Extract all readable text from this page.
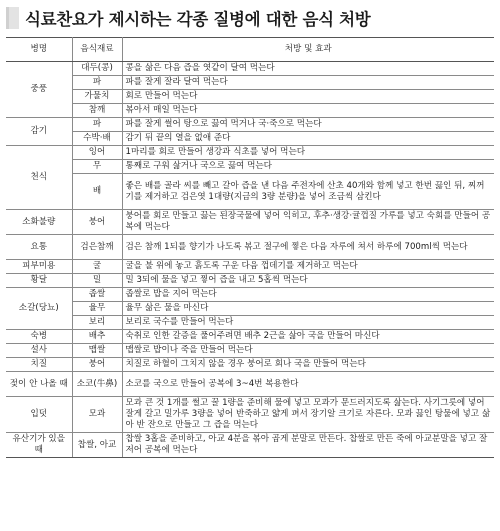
식료찬요가 제시하는 각종 질병에 대한 음식 처방
병명	음식재료	처방 및 효과
중풍	대두(콩)	콩을 삶은 다음 즙을 엿같이 달여 먹는다
	파	파를 잘게 잘라 달여 먹는다
	가물치	회로 만들어 먹는다
	참깨	볶아서 매일 먹는다
감기	파	파를 잘게 썰어 탕으로 끓여 먹거나 국·죽으로 먹는다
	수박·배	감기 뒤 끝의 열을 없애 준다
천식	잉어	1마리를 회로 만들어 생강과 식초를 넣어 먹는다
	무	통째로 구워 삶거나 국으로 끓여 먹는다
	배	좋은 배를 골라 씨를 빼고 갈아 즙을 낸 다음 주전자에 산초 40개와 함께 넣고 한번 끓인 뒤, 찌꺼기를 제거하고 검은엿 1대량(지금의 3량 분량)을 넣어 조금씩 삼킨다
소화불량	붕어	붕어를 회로 만들고 끓는 된장국물에 넣어 익히고, 후추·생강·귤껍질 가루를 넣고 숙회를 만들어 공복에 먹는다
요통	검은참깨	검은 참깨 1되를 향기가 나도록 볶고 절구에 찧은 다음 자루에 쳐서 하루에 700ml씩 먹는다
피부미용	굴	굴을 불 위에 놓고 흙도록 구운 다음 껍데기를 제거하고 먹는다
황달	밀	밀 3되에 물을 넣고 찧어 즙을 내고 5홉씩 먹는다
소갈(당뇨)	좁쌀	좁쌀로 밥을 지어 먹는다
	율무	율무 삶은 물을 마신다
	보리	보리로 국수를 만들어 먹는다
숙병	배추	숙취로 인한 갈증을 풀어주려면 배추 2근을 삶아 국을 만들어 마신다
설사	맵쌀	맵쌀로 밥이나 죽을 만들어 먹는다
치질	붕어	치질로 하혈이 그치지 않을 경우 붕어로 회나 국을 만들어 먹는다
젖이 안 나올 때	소코(牛鼻)	소코를 국으로 만들어 공복에 3~4번 복용한다
입덧	모과	모과 큰 것 1개를 썰고 꿀 1량을 준비해 물에 넣고 모과가 문드러지도록 삶는다. 사기그릇에 넣어 잘게 갈고 밀가루 3량을 넣어 반죽하고 얇게 펴서 장기알 크기로 자른다. 모과 끓인 탕물에 넣고 삶아 반 잔으로 만들고 그 즙을 먹는다
유산기가 있을 때	찹쌀, 아교	찹쌀 3홉을 준비하고, 아교 4분을 볶아 곱게 분말로 만든다. 찹쌀로 만든 죽에 아교분말을 넣고 잘 저어 공복에 먹는다
